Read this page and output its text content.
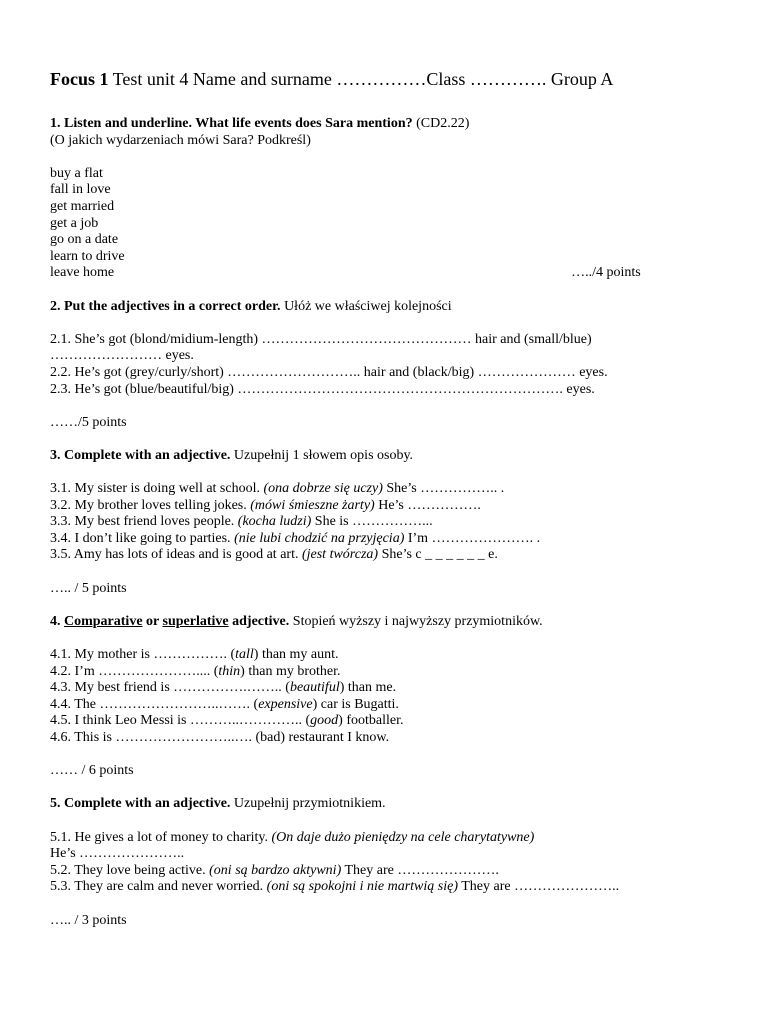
Focus 1 Test unit 4 Name and surname ……………Class …………. Group A
1. Listen and underline. What life events does Sara mention? (CD2.22)
(O jakich wydarzeniach mówi Sara? Podkreśl)
buy a flat
fall in love
get married
get a job
go on a date
learn to drive
leave home	…../4 points
2. Put the adjectives in a correct order. Ułóż we właściwej kolejności
2.1. She’s got (blond/midium-length) ……………………………………… hair and (small/blue)
…………………… eyes.
2.2. He’s got (grey/curly/short) ……………………….. hair and (black/big) ………………… eyes.
2.3. He’s got (blue/beautiful/big) ……………………………………………………………. eyes.
……/5 points
3. Complete with an adjective. Uzupełnij 1 słowem opis osoby.
3.1. My sister is doing well at school. (ona dobrze się uczy) She’s …………….. .
3.2. My brother loves telling jokes. (mówi śmieszne żarty) He’s …………….
3.3. My best friend loves people. (kocha ludzi) She is ……………...
3.4. I don’t like going to parties. (nie lubi chodzić na przyjęcia) I’m …………………. .
3.5. Amy has lots of ideas and is good at art. (jest twórcza) She’s c _ _ _ _ _ _ e.
….. / 5 points
4. Comparative or superlative adjective. Stopień wyższy i najwyższy przymiotników.
4.1. My mother is ……………. (tall) than my aunt.
4.2. I’m ………………….... (thin) than my brother.
4.3. My best friend is …………….…….. (beautiful) than me.
4.4. The ……………………..……. (expensive) car is Bugatti.
4.5. I think Leo Messi is ………..………….. (good) footballer.
4.6. This is ……………………..…. (bad) restaurant I know.
…… / 6 points
5. Complete with an adjective. Uzupełnij przymiotnikiem.
5.1. He gives a lot of money to charity. (On daje dużo pieniędzy na cele charytatywne)
He’s …………………..
5.2. They love being active. (oni są bardzo aktywni) They are ………………….
5.3. They are calm and never worried. (oni są spokojni i nie martwią się) They are …………………..
….. / 3 points
